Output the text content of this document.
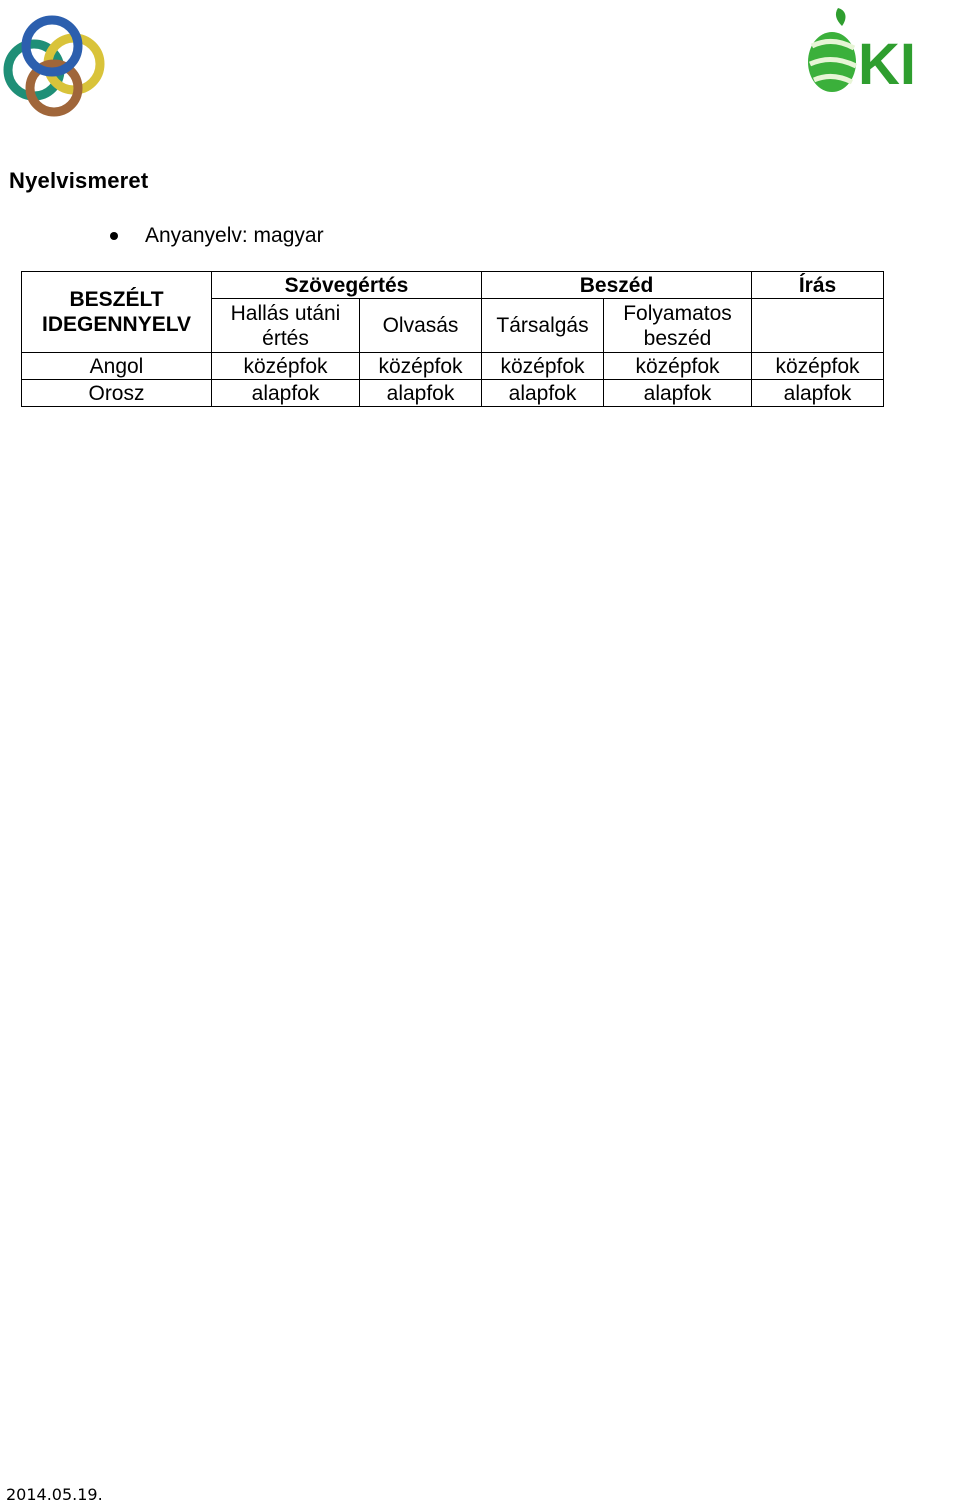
KI
Nyelvismeret
Anyanyelv: magyar
BESZÉLT
IDEGENNYELV	Szövegértés		Beszéd		Írás
	Hallás utáni értés	Olvasás	Társalgás	Folyamatos beszéd	
Angol	középfok	középfok	középfok	középfok	középfok
Orosz	alapfok	alapfok	alapfok	alapfok	alapfok
2014.05.19.
